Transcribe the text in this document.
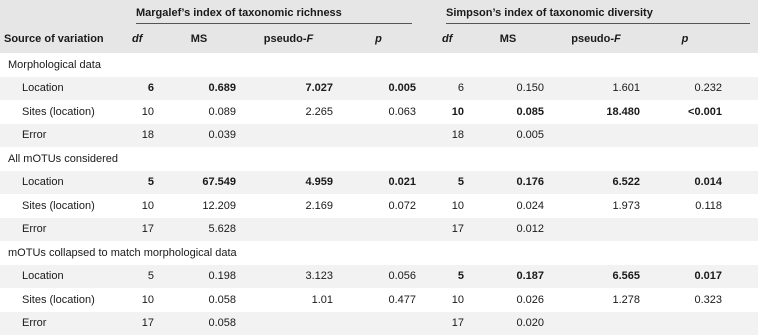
	Margalef’s index of taxonomic richness					Simpson’s index of taxonomic diversity				

Source of variation	df	MS	pseudo-F	p		df	MS	pseudo-F	p	
Morphological data										
Location	6	0.689	7.027	0.005		6	0.150	1.601	0.232	
Sites (location)	10	0.089	2.265	0.063		10	0.085	18.480	<0.001	
Error	18	0.039				18	0.005			
All mOTUs considered										
Location	5	67.549	4.959	0.021		5	0.176	6.522	0.014	
Sites (location)	10	12.209	2.169	0.072		10	0.024	1.973	0.118	
Error	17	5.628				17	0.012			
mOTUs collapsed to match morphological data										
Location	5	0.198	3.123	0.056		5	0.187	6.565	0.017	
Sites (location)	10	0.058	1.01	0.477		10	0.026	1.278	0.323	
Error	17	0.058				17	0.020			
